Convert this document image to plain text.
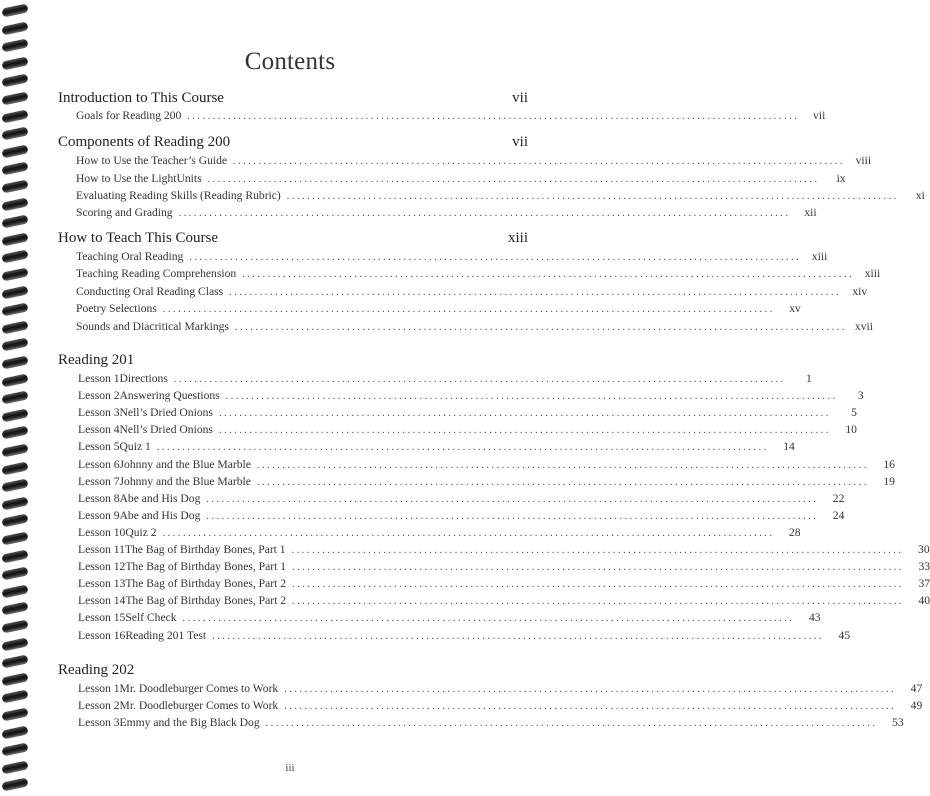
Contents
Introduction to This Course	vii
Goals for Reading 200 ........................................................................................................................	vii
Components of Reading 200	vii
How to Use the Teacher’s Guide ........................................................................................................................ viii
How to Use the LightUnits ........................................................................................................................	ix
Evaluating Reading Skills (Reading Rubric) ........................................................................................................................	xi
Scoring and Grading ........................................................................................................................	xii
How to Teach This Course	xiii
Teaching Oral Reading ........................................................................................................................ xiii
Teaching Reading Comprehension ........................................................................................................................ xiii
Conducting Oral Reading Class ........................................................................................................................ xiv
Poetry Selections ........................................................................................................................	xv
Sounds and Diacritical Markings ........................................................................................................................ xvii
Reading 201
Lesson 1 Directions ........................................................................................................................	1
Lesson 2 Answering Questions ........................................................................................................................	3
Lesson 3 Nell’s Dried Onions ........................................................................................................................	5
Lesson 4 Nell’s Dried Onions ........................................................................................................................	10
Lesson 5 Quiz 1 ........................................................................................................................	14
Lesson 6 Johnny and the Blue Marble ........................................................................................................................	16
Lesson 7 Johnny and the Blue Marble ........................................................................................................................	19
Lesson 8 Abe and His Dog ........................................................................................................................	22
Lesson 9 Abe and His Dog ........................................................................................................................	24
Lesson 10 Quiz 2 ........................................................................................................................	28
Lesson 11 The Bag of Birthday Bones, Part 1 ........................................................................................................................	30
Lesson 12 The Bag of Birthday Bones, Part 1 ........................................................................................................................	33
Lesson 13 The Bag of Birthday Bones, Part 2 ........................................................................................................................	37
Lesson 14 The Bag of Birthday Bones, Part 2 ........................................................................................................................	40
Lesson 15 Self Check ........................................................................................................................	43
Lesson 16 Reading 201 Test ........................................................................................................................	45
Reading 202
Lesson 1 Mr. Doodleburger Comes to Work ........................................................................................................................	47
Lesson 2 Mr. Doodleburger Comes to Work ........................................................................................................................	49
Lesson 3 Emmy and the Big Black Dog ........................................................................................................................	53
iii
